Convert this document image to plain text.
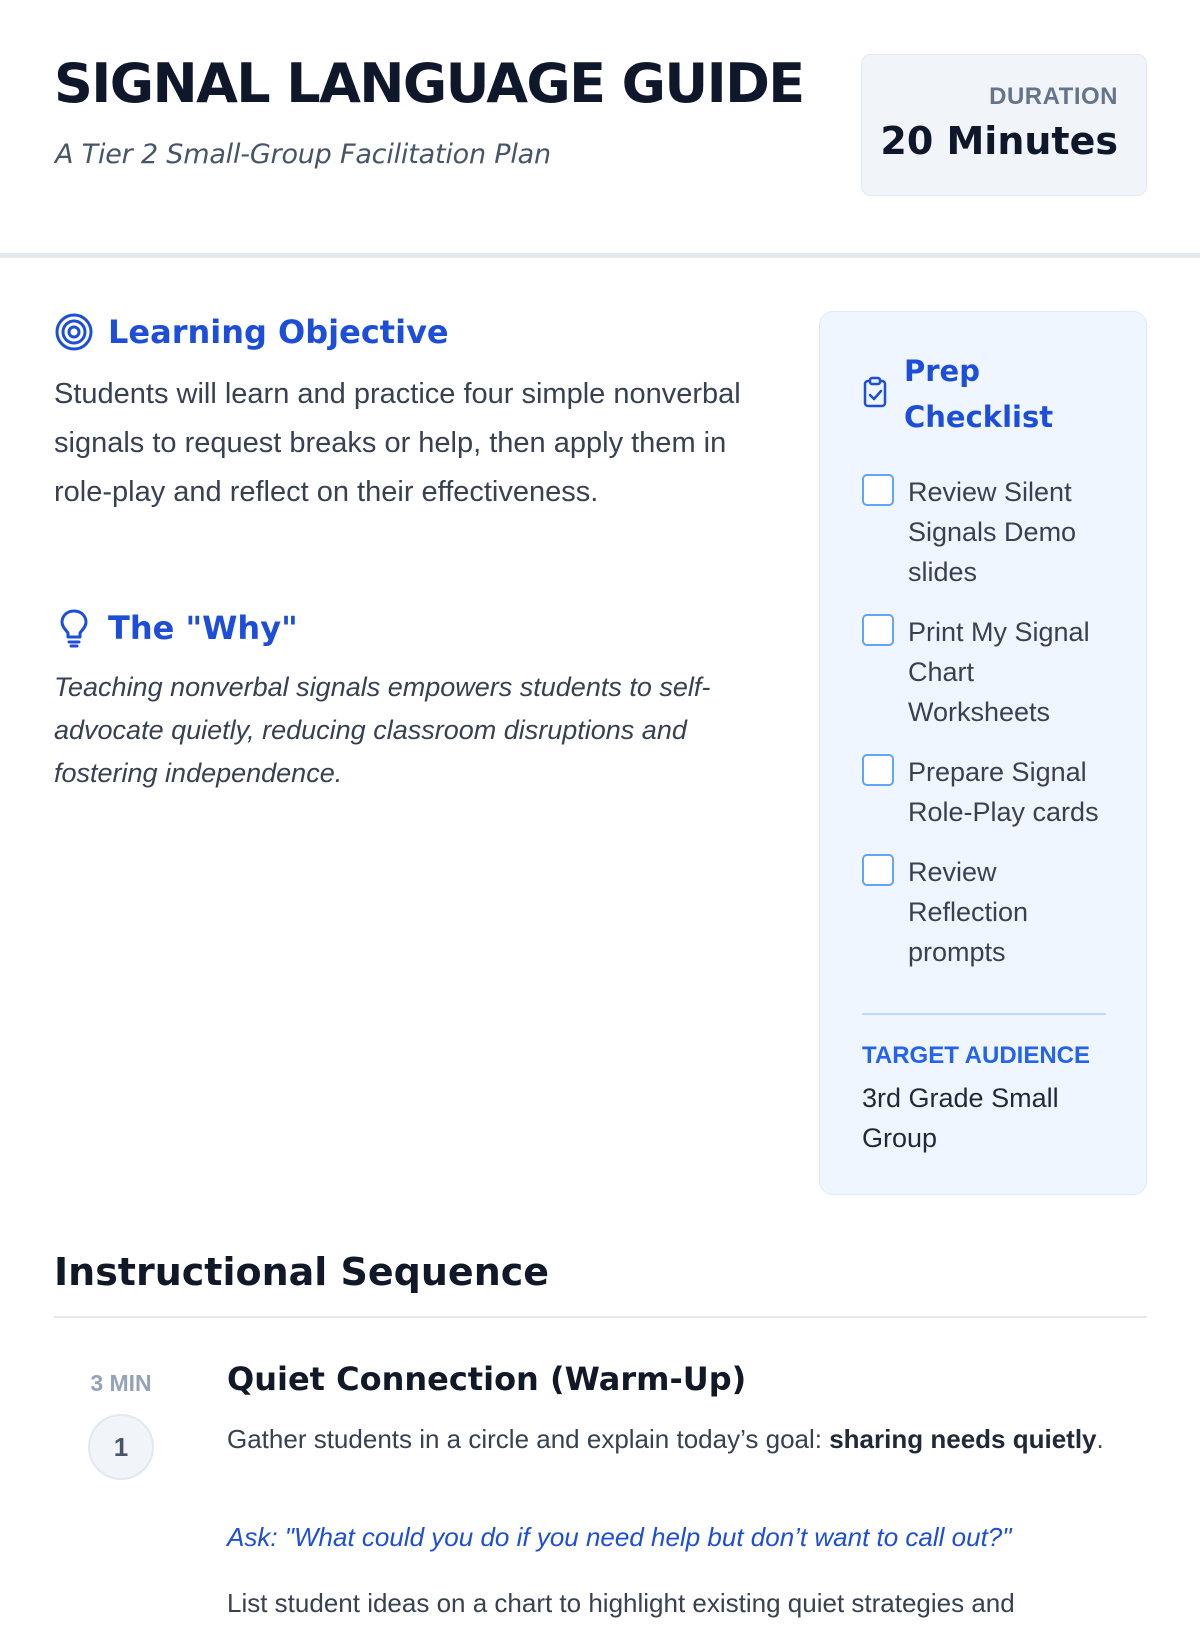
SIGNAL LANGUAGE GUIDE
A Tier 2 Small-Group Facilitation Plan
DURATION
20 Minutes
Learning Objective

Students will learn and practice four simple nonverbal signals to request breaks or help, then apply them in role-play and reflect on their effectiveness.

The "Why"

Teaching nonverbal signals empowers students to self-advocate quietly, reducing classroom disruptions and fostering independence.

Prep Checklist
Review Silent Signals Demo slides
Print My Signal Chart Worksheets
Prepare Signal Role-Play cards
Review Reflection prompts
TARGET AUDIENCE
3rd Grade Small Group
Instructional Sequence
3 MIN
1
Quiet Connection (Warm-Up)

Gather students in a circle and explain today’s goal: sharing needs quietly.

Ask: "What could you do if you need help but don’t want to call out?"

List student ideas on a chart to highlight existing quiet strategies and
